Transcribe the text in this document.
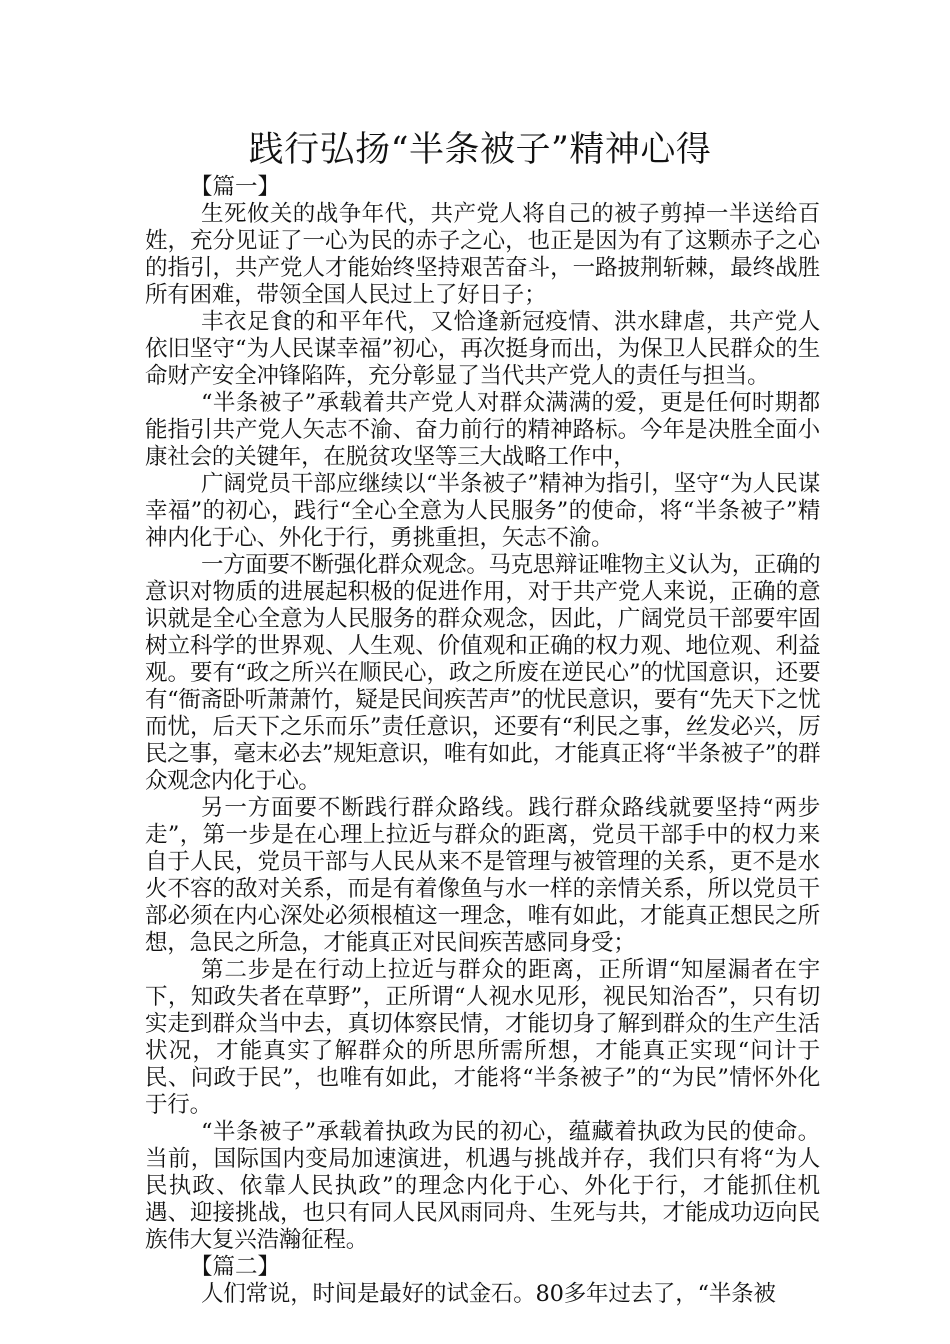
践行弘扬“半条被子”精神心得

【篇一】

生死攸关的战争年代，共产党人将自己的被子剪掉一半送给百姓，充分见证了一心为民的赤子之心，也正是因为有了这颗赤子之心的指引，共产党人才能始终坚持艰苦奋斗，一路披荆斩棘，最终战胜所有困难，带领全国人民过上了好日子；

丰衣足食的和平年代，又恰逢新冠疫情、洪水肆虐，共产党人依旧坚守“为人民谋幸福”初心，再次挺身而出，为保卫人民群众的生命财产安全冲锋陷阵，充分彰显了当代共产党人的责任与担当。

“半条被子”承载着共产党人对群众满满的爱，更是任何时期都能指引共产党人矢志不渝、奋力前行的精神路标。今年是决胜全面小康社会的关键年，在脱贫攻坚等三大战略工作中，

广阔党员干部应继续以“半条被子”精神为指引，坚守“为人民谋幸福”的初心，践行“全心全意为人民服务”的使命，将“半条被子”精神内化于心、外化于行，勇挑重担，矢志不渝。

一方面要不断强化群众观念。马克思辩证唯物主义认为，正确的意识对物质的进展起积极的促进作用，对于共产党人来说，正确的意识就是全心全意为人民服务的群众观念，因此，广阔党员干部要牢固树立科学的世界观、人生观、价值观和正确的权力观、地位观、利益观。要有“政之所兴在顺民心，政之所废在逆民心”的忧国意识，还要有“衙斋卧听萧萧竹，疑是民间疾苦声”的忧民意识，要有“先天下之忧而忧，后天下之乐而乐”责任意识，还要有“利民之事，丝发必兴，厉民之事，毫末必去”规矩意识，唯有如此，才能真正将“半条被子”的群众观念内化于心。

另一方面要不断践行群众路线。践行群众路线就要坚持“两步走”，第一步是在心理上拉近与群众的距离，党员干部手中的权力来自于人民，党员干部与人民从来不是管理与被管理的关系，更不是水火不容的敌对关系，而是有着像鱼与水一样的亲情关系，所以党员干部必须在内心深处必须根植这一理念，唯有如此，才能真正想民之所想，急民之所急，才能真正对民间疾苦感同身受；

第二步是在行动上拉近与群众的距离，正所谓“知屋漏者在宇下，知政失者在草野”，正所谓“人视水见形，视民知治否”，只有切实走到群众当中去，真切体察民情，才能切身了解到群众的生产生活状况，才能真实了解群众的所思所需所想，才能真正实现“问计于民、问政于民”，也唯有如此，才能将“半条被子”的“为民”情怀外化于行。

“半条被子”承载着执政为民的初心，蕴藏着执政为民的使命。当前，国际国内变局加速演进，机遇与挑战并存，我们只有将“为人民执政、依靠人民执政”的理念内化于心、外化于行，才能抓住机遇、迎接挑战，也只有同人民风雨同舟、生死与共，才能成功迈向民族伟大复兴浩瀚征程。

【篇二】

人们常说，时间是最好的试金石。80多年过去了，“半条被
